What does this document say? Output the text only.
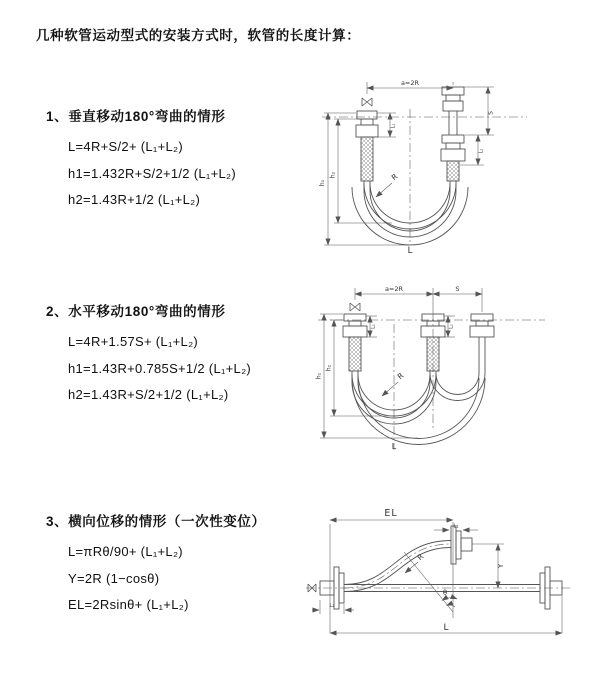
几种软管运动型式的安装方式时，软管的长度计算：
1、垂直移动180°弯曲的情形
L=4R+S/2+ (L₁+L₂)
h1=1.432R+S/2+1/2 (L₁+L₂)
h2=1.43R+1/2 (L₁+L₂)
2、水平移动180°弯曲的情形
L=4R+1.57S+ (L₁+L₂)
h1=1.43R+0.785S+1/2 (L₁+L₂)
h2=1.43R+S/2+1/2 (L₁+L₂)
3、横向位移的情形（一次性变位）
L=πRθ/90+ (L₁+L₂)
Y=2R (1−cosθ)
EL=2Rsinθ+ (L₁+L₂)
a=2R
h₁
h₂
S
L₂
L₁
R
L
a=2R	S
h₁
h₂
L₁	L₂
R
L
EL
L₁
Y
L
L₂
R
θ
